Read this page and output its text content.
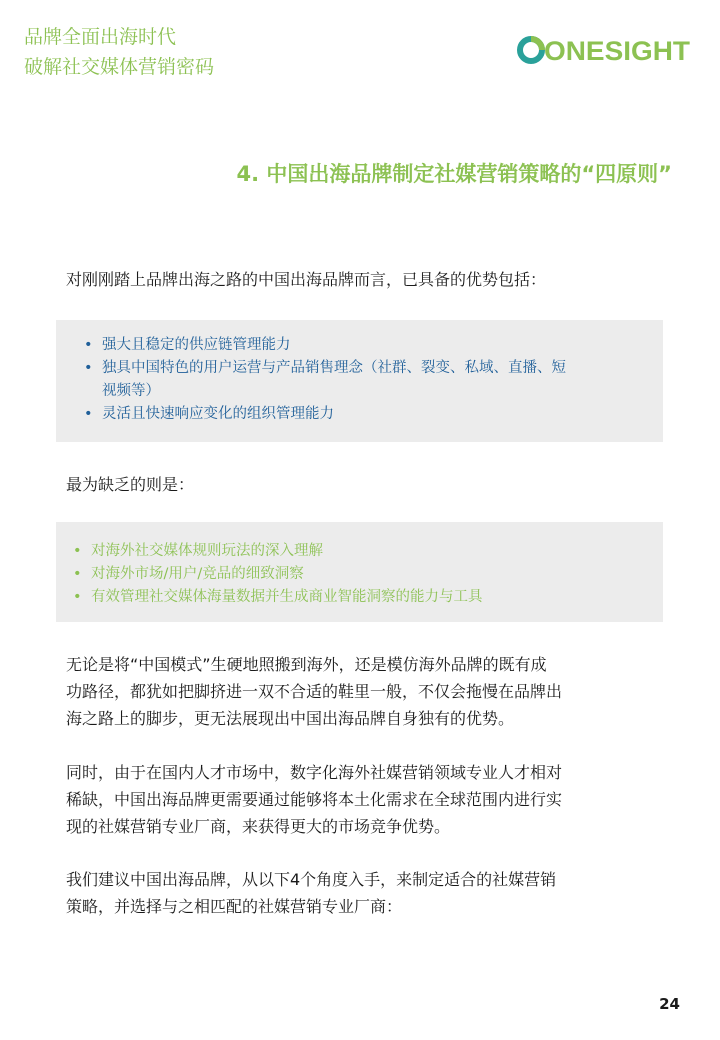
品牌全面出海时代
破解社交媒体营销密码
ONESIGHT
4. 中国出海品牌制定社媒营销策略的“四原则”
对刚刚踏上品牌出海之路的中国出海品牌而言，已具备的优势包括：
• 强大且稳定的供应链管理能力
• 独具中国特色的用户运营与产品销售理念（社群、裂变、私域、直播、短
视频等）
• 灵活且快速响应变化的组织管理能力
最为缺乏的则是：
• 对海外社交媒体规则玩法的深入理解
• 对海外市场/用户/竞品的细致洞察
• 有效管理社交媒体海量数据并生成商业智能洞察的能力与工具
无论是将“中国模式”生硬地照搬到海外，还是模仿海外品牌的既有成
功路径，都犹如把脚挤进一双不合适的鞋里一般，不仅会拖慢在品牌出
海之路上的脚步，更无法展现出中国出海品牌自身独有的优势。
同时，由于在国内人才市场中，数字化海外社媒营销领域专业人才相对
稀缺，中国出海品牌更需要通过能够将本土化需求在全球范围内进行实
现的社媒营销专业厂商，来获得更大的市场竞争优势。
我们建议中国出海品牌，从以下4个角度入手，来制定适合的社媒营销
策略，并选择与之相匹配的社媒营销专业厂商：
24
